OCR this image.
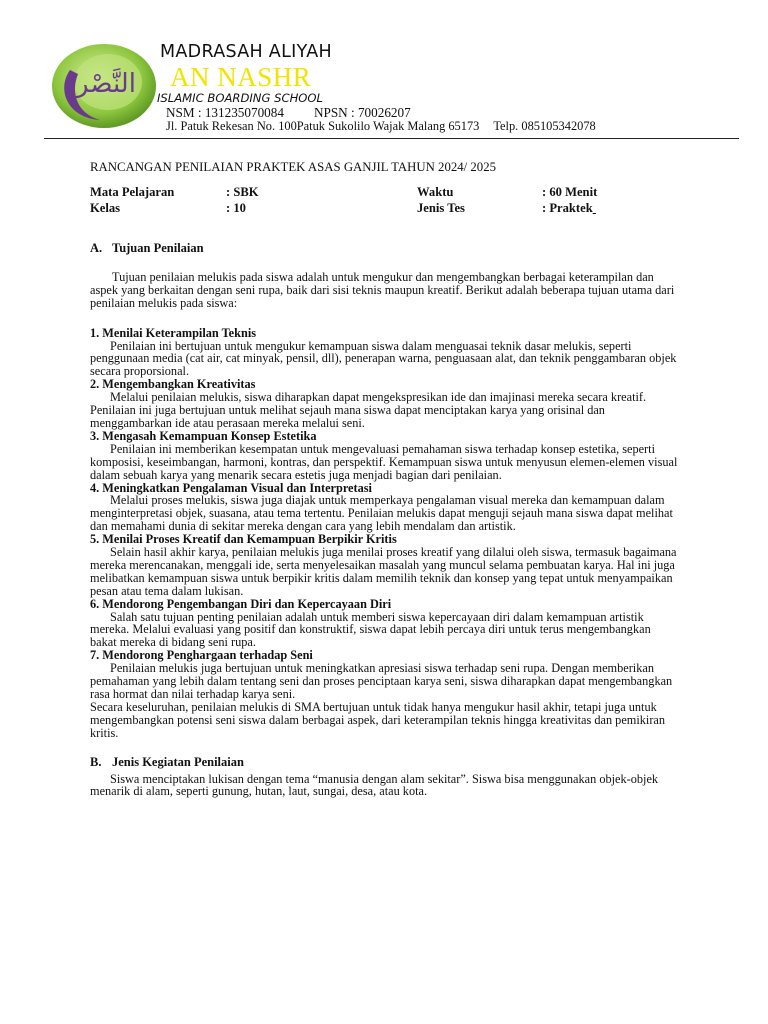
النَّصْر
MADRASAH ALIYAH
AN NASHR
ISLAMIC BOARDING SCHOOL
NSM : 131235070084 NPSN : 70026207
Jl. Patuk Rekesan No. 100Patuk Sukolilo Wajak Malang 65173 Telp. 085105342078
RANCANGAN PENILAIAN PRAKTEK ASAS GANJIL TAHUN 2024/ 2025
Mata Pelajaran
Kelas
: SBK
: 10
Waktu
Jenis Tes
: 60 Menit
: Praktek

A. Tujuan Penilaian

Tujuan penilaian melukis pada siswa adalah untuk mengukur dan mengembangkan berbagai keterampilan dan aspek yang berkaitan dengan seni rupa, baik dari sisi teknis maupun kreatif. Berikut adalah beberapa tujuan utama dari penilaian melukis pada siswa:

1. Menilai Keterampilan Teknis

Penilaian ini bertujuan untuk mengukur kemampuan siswa dalam menguasai teknik dasar melukis, seperti penggunaan media (cat air, cat minyak, pensil, dll), penerapan warna, penguasaan alat, dan teknik penggambaran objek secara proporsional.

2. Mengembangkan Kreativitas

Melalui penilaian melukis, siswa diharapkan dapat mengekspresikan ide dan imajinasi mereka secara kreatif. Penilaian ini juga bertujuan untuk melihat sejauh mana siswa dapat menciptakan karya yang orisinal dan menggambarkan ide atau perasaan mereka melalui seni.

3. Mengasah Kemampuan Konsep Estetika

Penilaian ini memberikan kesempatan untuk mengevaluasi pemahaman siswa terhadap konsep estetika, seperti komposisi, keseimbangan, harmoni, kontras, dan perspektif. Kemampuan siswa untuk menyusun elemen-elemen visual dalam sebuah karya yang menarik secara estetis juga menjadi bagian dari penilaian.

4. Meningkatkan Pengalaman Visual dan Interpretasi

Melalui proses melukis, siswa juga diajak untuk memperkaya pengalaman visual mereka dan kemampuan dalam menginterpretasi objek, suasana, atau tema tertentu. Penilaian melukis dapat menguji sejauh mana siswa dapat melihat dan memahami dunia di sekitar mereka dengan cara yang lebih mendalam dan artistik.

5. Menilai Proses Kreatif dan Kemampuan Berpikir Kritis

Selain hasil akhir karya, penilaian melukis juga menilai proses kreatif yang dilalui oleh siswa, termasuk bagaimana mereka merencanakan, menggali ide, serta menyelesaikan masalah yang muncul selama pembuatan karya. Hal ini juga melibatkan kemampuan siswa untuk berpikir kritis dalam memilih teknik dan konsep yang tepat untuk menyampaikan pesan atau tema dalam lukisan.

6. Mendorong Pengembangan Diri dan Kepercayaan Diri

Salah satu tujuan penting penilaian adalah untuk memberi siswa kepercayaan diri dalam kemampuan artistik mereka. Melalui evaluasi yang positif dan konstruktif, siswa dapat lebih percaya diri untuk terus mengembangkan bakat mereka di bidang seni rupa.

7. Mendorong Penghargaan terhadap Seni

Penilaian melukis juga bertujuan untuk meningkatkan apresiasi siswa terhadap seni rupa. Dengan memberikan pemahaman yang lebih dalam tentang seni dan proses penciptaan karya seni, siswa diharapkan dapat mengembangkan rasa hormat dan nilai terhadap karya seni.

Secara keseluruhan, penilaian melukis di SMA bertujuan untuk tidak hanya mengukur hasil akhir, tetapi juga untuk mengembangkan potensi seni siswa dalam berbagai aspek, dari keterampilan teknis hingga kreativitas dan pemikiran kritis.

B. Jenis Kegiatan Penilaian

Siswa menciptakan lukisan dengan tema “manusia dengan alam sekitar”. Siswa bisa menggunakan objek-objek menarik di alam, seperti gunung, hutan, laut, sungai, desa, atau kota.
